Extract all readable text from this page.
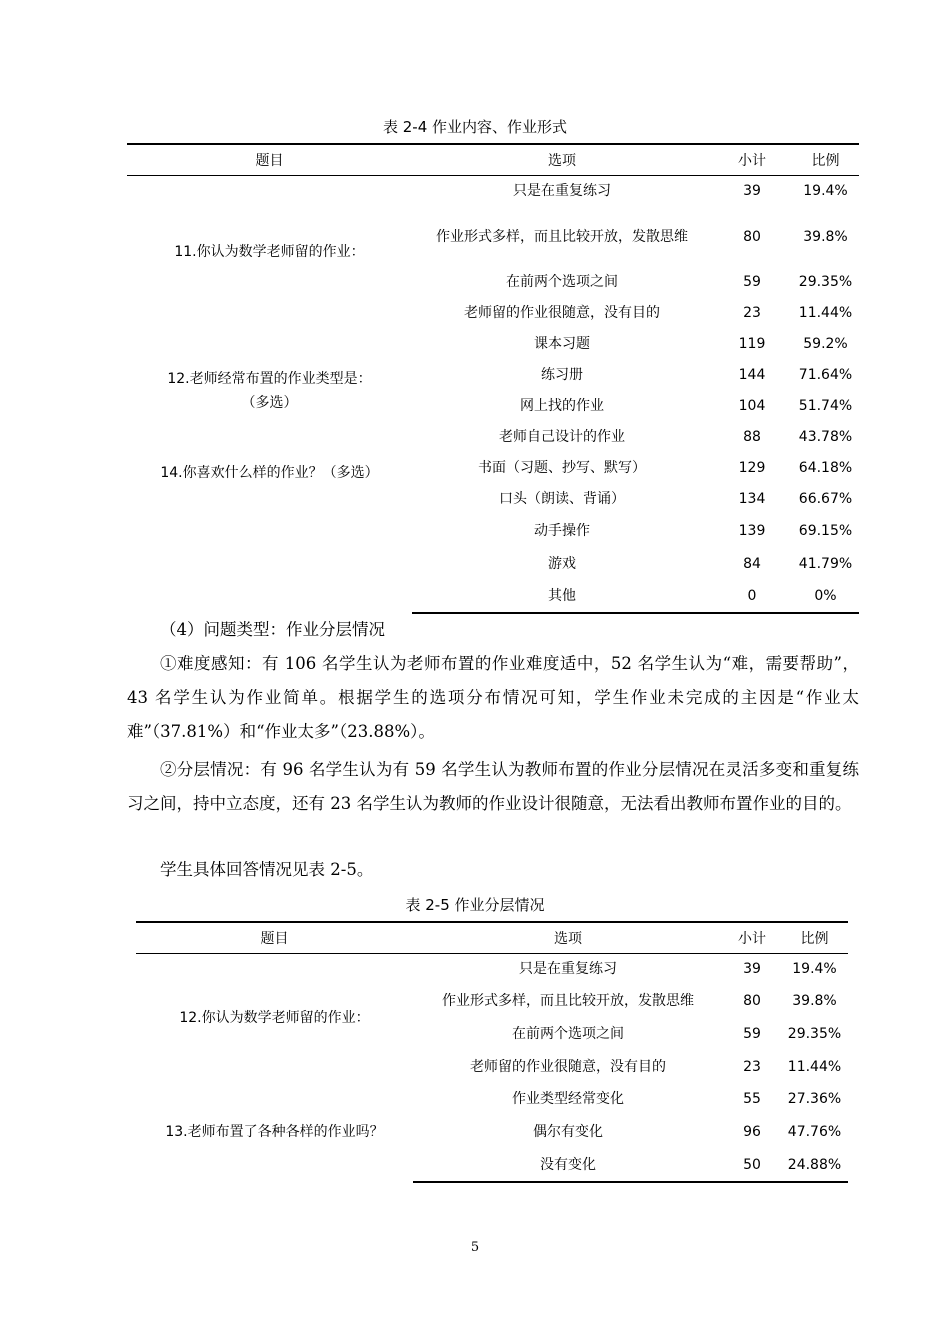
表 2-4 作业内容、作业形式
题目	选项	小计	比例
11.你认为数学老师留的作业：	只是在重复练习	39	19.4%
	作业形式多样，而且比较开放，发散思维	80	39.8%
	在前两个选项之间	59	29.35%
	老师留的作业很随意，没有目的	23	11.44%
12.老师经常布置的作业类型是：（多选）	课本习题	119	59.2%
	练习册	144	71.64%
	网上找的作业	104	51.74%
	老师自己设计的作业	88	43.78%
14.你喜欢什么样的作业？（多选）	书面（习题、抄写、默写）	129	64.18%
	口头（朗读、背诵）	134	66.67%
	动手操作	139	69.15%
	游戏	84	41.79%
	其他	0	0%

（4）问题类型：作业分层情况

①难度感知：有 106 名学生认为老师布置的作业难度适中，52 名学生认为“难，需要帮助”，43 名学生认为作业简单。根据学生的选项分布情况可知，学生作业未完成的主因是“作业太难”（37.81%）和“作业太多”（23.88%）。

②分层情况：有 96 名学生认为有 59 名学生认为教师布置的作业分层情况在灵活多变和重复练习之间，持中立态度，还有 23 名学生认为教师的作业设计很随意，无法看出教师布置作业的目的。

学生具体回答情况见表 2-5。

表 2-5 作业分层情况
题目	选项	小计	比例
12.你认为数学老师留的作业：	只是在重复练习	39	19.4%
	作业形式多样，而且比较开放，发散思维	80	39.8%
	在前两个选项之间	59	29.35%
	老师留的作业很随意，没有目的	23	11.44%
13.老师布置了各种各样的作业吗？	作业类型经常变化	55	27.36%
	偶尔有变化	96	47.76%
	没有变化	50	24.88%
5
